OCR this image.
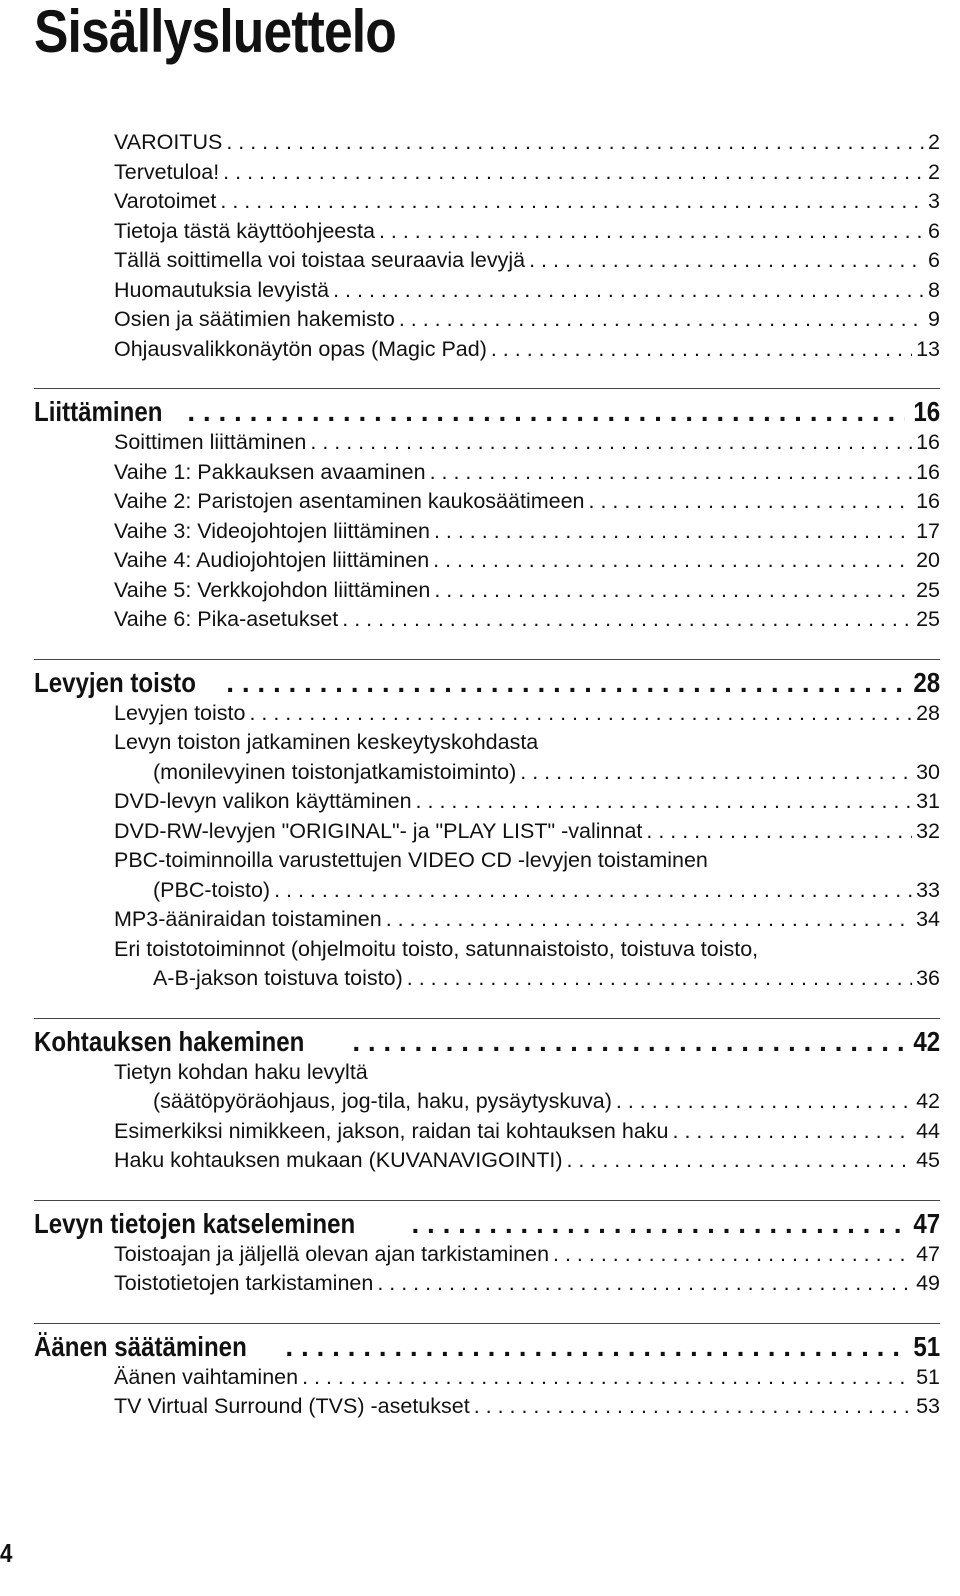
Sisällysluettelo
VAROITUS . . .	2
Tervetuloa! . . .	2
Varotoimet . . .	3
Tietoja tästä käyttöohjeesta . . .	6
Tällä soittimella voi toistaa seuraavia levyjä . . .	6
Huomautuksia levyistä . . .	8
Osien ja säätimien hakemisto . . .	9
Ohjausvalikkonäytön opas (Magic Pad) . . .	13
Liittäminen . . .	16
Soittimen liittäminen . . .	16
Vaihe 1: Pakkauksen avaaminen . . .	16
Vaihe 2: Paristojen asentaminen kaukosäätimeen . . .	16
Vaihe 3: Videojohtojen liittäminen . . .	17
Vaihe 4: Audiojohtojen liittäminen . . .	20
Vaihe 5: Verkkojohdon liittäminen . . .	25
Vaihe 6: Pika-asetukset . . .	25
Levyjen toisto . . .	28
Levyjen toisto . . .	28
Levyn toiston jatkaminen keskeytyskohdasta
(monilevyinen toistonjatkamistoiminto) . . .	30
DVD-levyn valikon käyttäminen . . .	31
DVD-RW-levyjen "ORIGINAL"- ja "PLAY LIST" -valinnat . . .	32
PBC-toiminnoilla varustettujen VIDEO CD -levyjen toistaminen
(PBC-toisto) . . .	33
MP3-ääniraidan toistaminen . . .	34
Eri toistotoiminnot (ohjelmoitu toisto, satunnaistoisto, toistuva toisto,
A-B-jakson toistuva toisto) . . .	36
Kohtauksen hakeminen . . .	42
Tietyn kohdan haku levyltä
(säätöpyöräohjaus, jog-tila, haku, pysäytyskuva) . . .	42
Esimerkiksi nimikkeen, jakson, raidan tai kohtauksen haku . . .	44
Haku kohtauksen mukaan (KUVANAVIGOINTI) . . .	45
Levyn tietojen katseleminen . . .	47
Toistoajan ja jäljellä olevan ajan tarkistaminen . . .	47
Toistotietojen tarkistaminen . . .	49
Äänen säätäminen . . .	51
Äänen vaihtaminen . . .	51
TV Virtual Surround (TVS) -asetukset . . .	53
4
